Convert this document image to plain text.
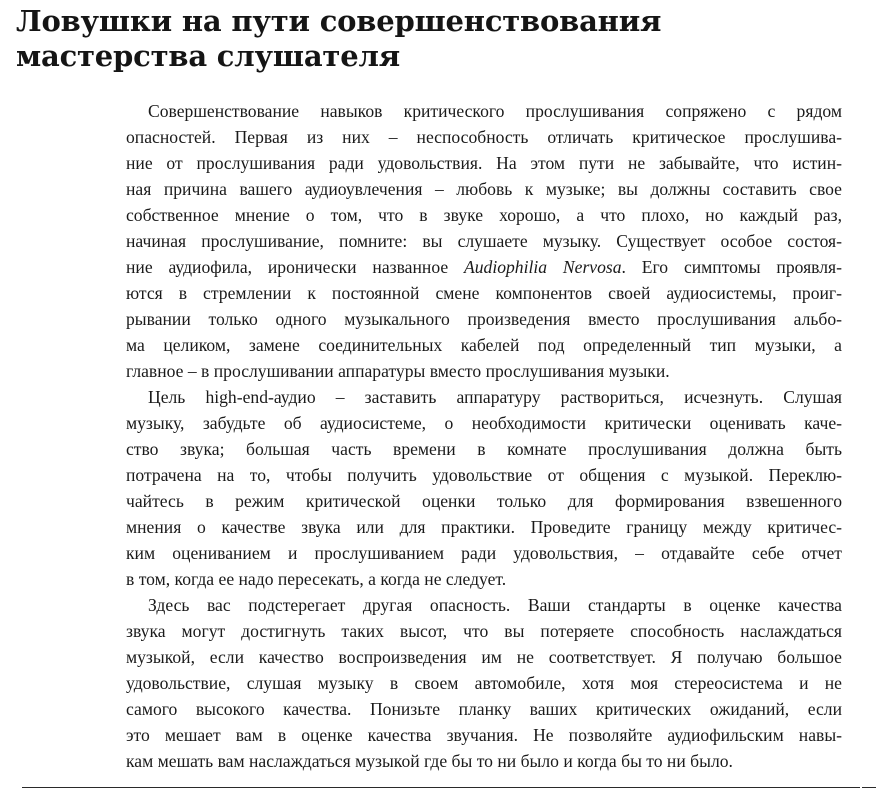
Ловушки на пути совершенствования
мастерства слушателя

Совершенствование навыков критического прослушивания сопряжено с рядом
опасностей. Первая из них – неспособность отличать критическое прослушива-
ние от прослушивания ради удовольствия. На этом пути не забывайте, что истин-
ная причина вашего аудиоувлечения – любовь к музыке; вы должны составить свое
собственное мнение о том, что в звуке хорошо, а что плохо, но каждый раз,
начиная прослушивание, помните: вы слушаете музыку. Существует особое состоя-
ние аудиофила, иронически названное Audiophilia Nervosa. Его симптомы проявля-
ются в стремлении к постоянной смене компонентов своей аудиосистемы, проиг-
рывании только одного музыкального произведения вместо прослушивания альбо-
ма целиком, замене соединительных кабелей под определенный тип музыки, а
главное – в прослушивании аппаратуры вместо прослушивания музыки.

Цель high-end-аудио – заставить аппаратуру раствориться, исчезнуть. Слушая
музыку, забудьте об аудиосистеме, о необходимости критически оценивать каче-
ство звука; большая часть времени в комнате прослушивания должна быть
потрачена на то, чтобы получить удовольствие от общения с музыкой. Переклю-
чайтесь в режим критической оценки только для формирования взвешенного
мнения о качестве звука или для практики. Проведите границу между критичес-
ким оцениванием и прослушиванием ради удовольствия, – отдавайте себе отчет
в том, когда ее надо пересекать, а когда не следует.

Здесь вас подстерегает другая опасность. Ваши стандарты в оценке качества
звука могут достигнуть таких высот, что вы потеряете способность наслаждаться
музыкой, если качество воспроизведения им не соответствует. Я получаю большое
удовольствие, слушая музыку в своем автомобиле, хотя моя стереосистема и не
самого высокого качества. Понизьте планку ваших критических ожиданий, если
это мешает вам в оценке качества звучания. Не позволяйте аудиофильским навы-
кам мешать вам наслаждаться музыкой где бы то ни было и когда бы то ни было.
